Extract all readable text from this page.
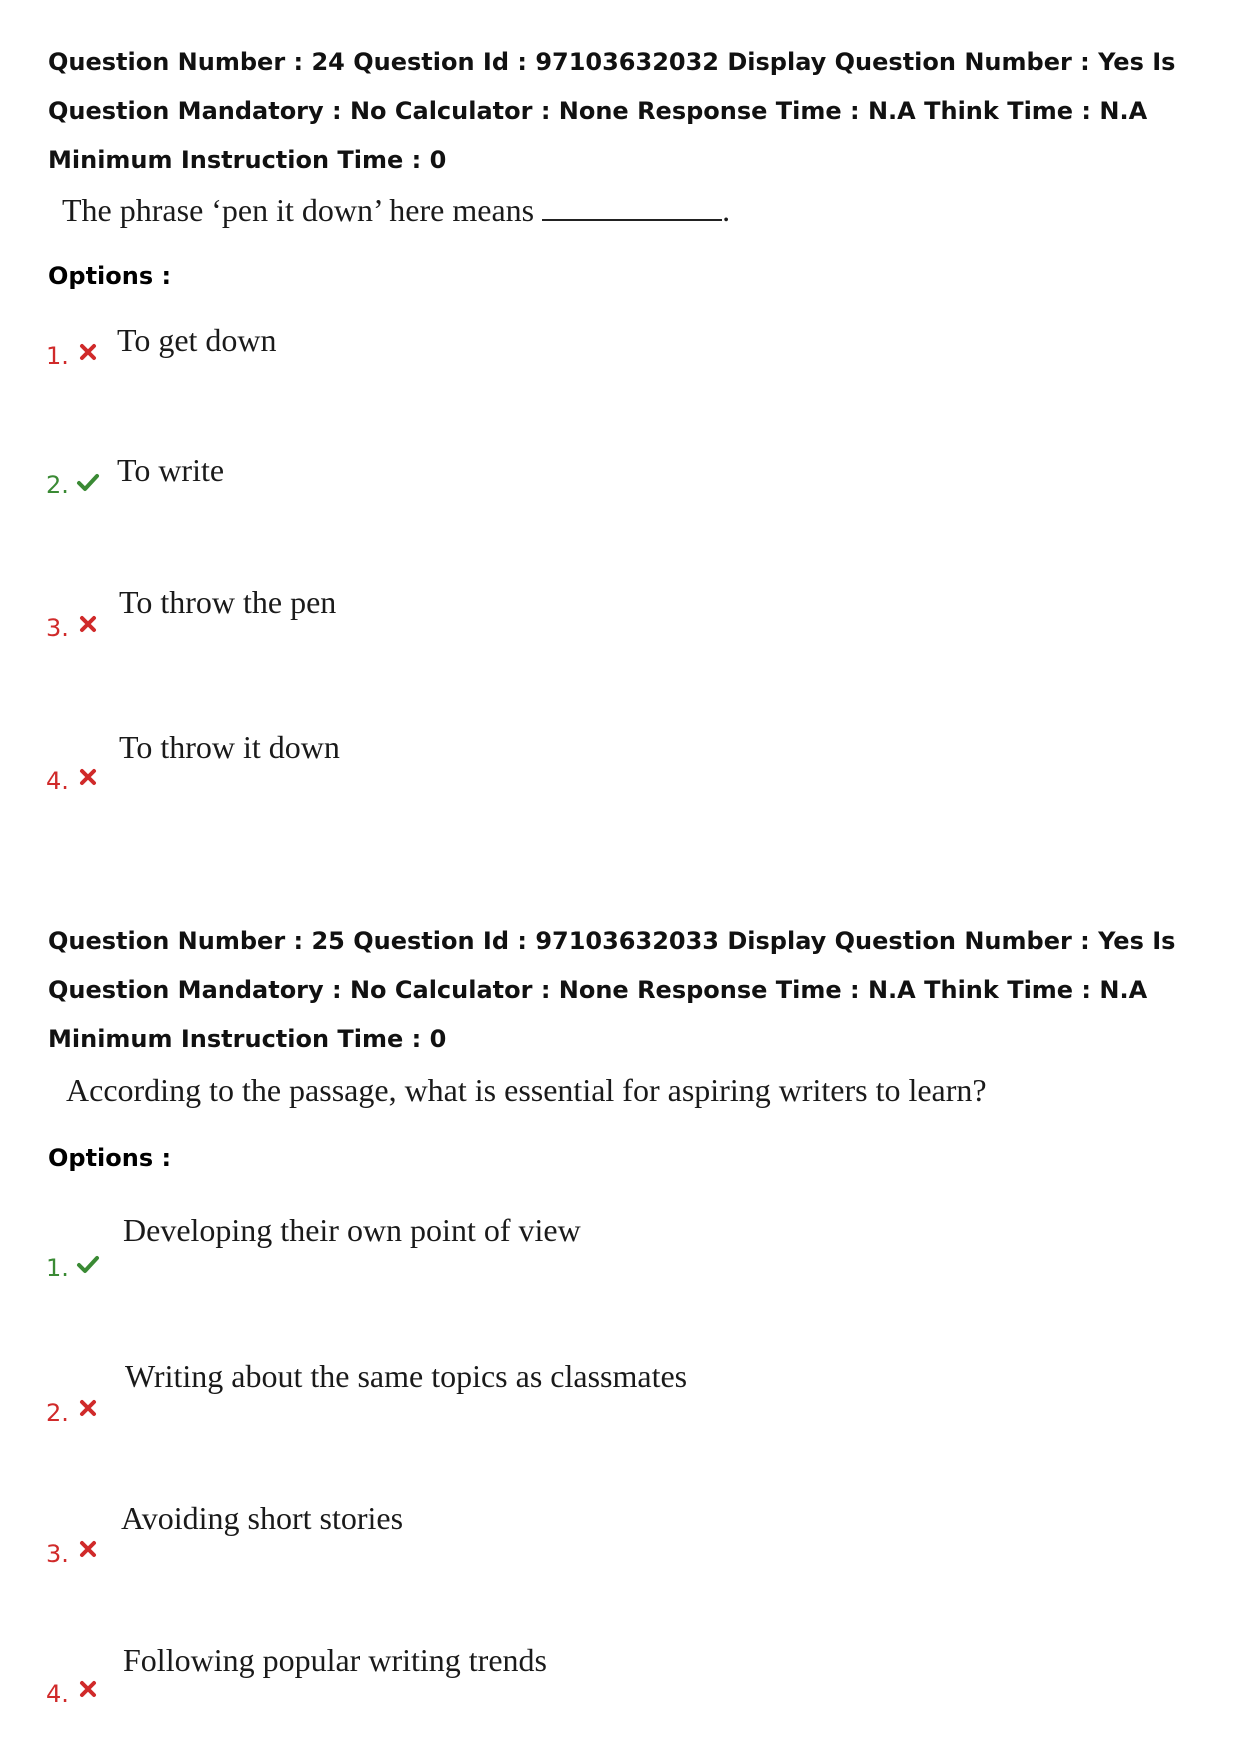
Question Number : 24 Question Id : 97103632032 Display Question Number : Yes Is Question Mandatory : No Calculator : None Response Time : N.A Think Time : N.A Minimum Instruction Time : 0
The phrase ‘pen it down’ here means	.
Options :
1. To get down
2. To write
3.
To throw the pen
4.
To throw it down
Question Number : 25 Question Id : 97103632033 Display Question Number : Yes Is Question Mandatory : No Calculator : None Response Time : N.A Think Time : N.A Minimum Instruction Time : 0
According to the passage, what is essential for aspiring writers to learn?
Options :
1.
Developing their own point of view
2.
Writing about the same topics as classmates
3.
Avoiding short stories
4.
Following popular writing trends
